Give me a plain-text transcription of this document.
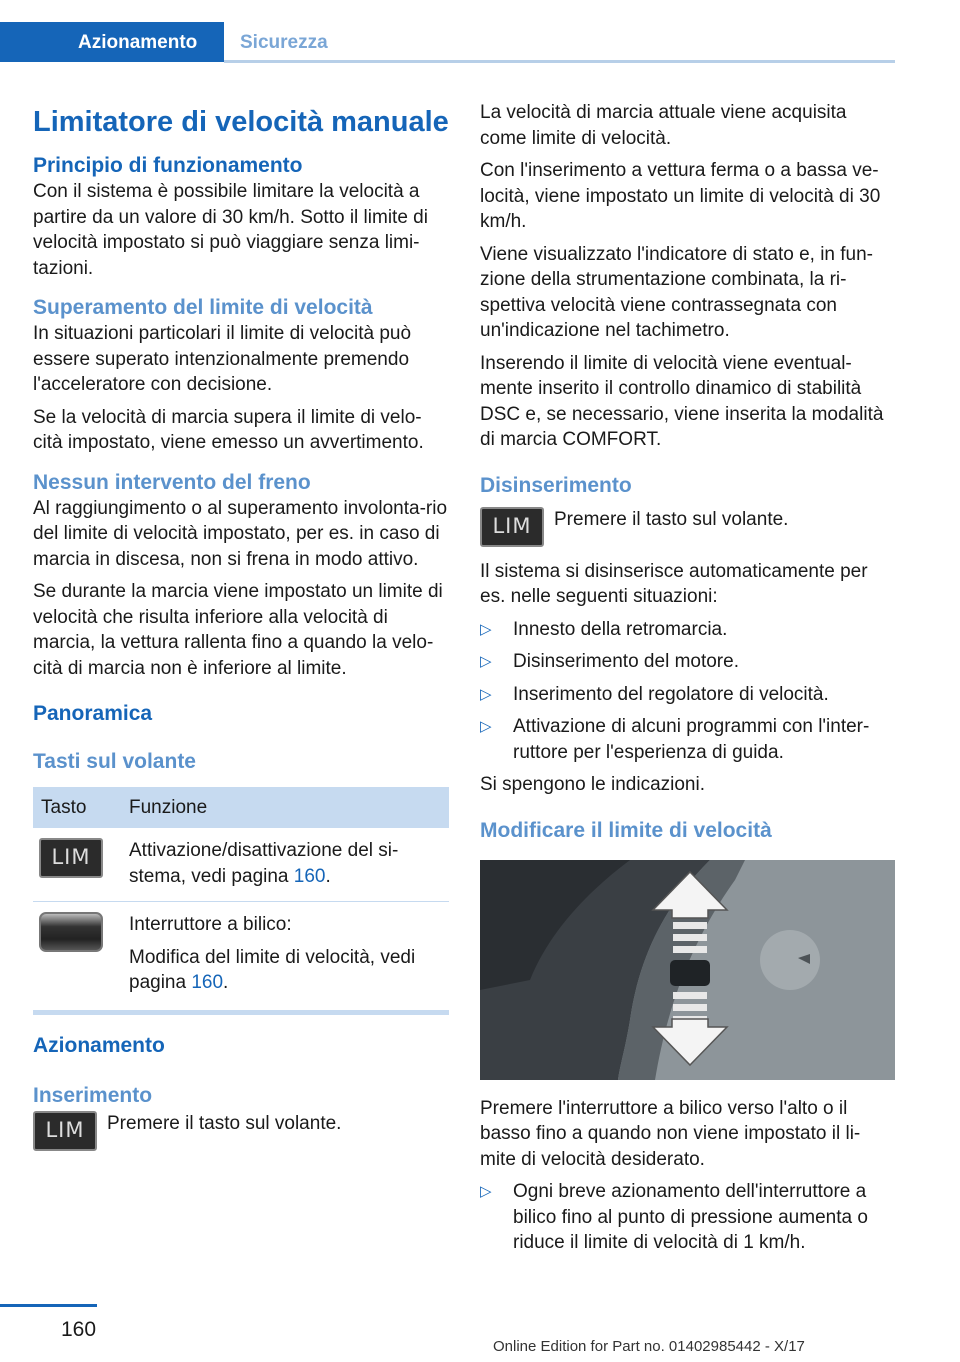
Azionamento	Sicurezza
Limitatore di velocità manuale
Principio di funzionamento

Con il sistema è possibile limitare la velocità a partire da un valore di 30 km/h. Sotto il limite di velocità impostato si può viaggiare senza limi‐tazioni.

Superamento del limite di velocità

In situazioni particolari il limite di velocità può essere superato intenzionalmente premendo l'acceleratore con decisione.

Se la velocità di marcia supera il limite di velo‐cità impostato, viene emesso un avvertimento.

Nessun intervento del freno

Al raggiungimento o al superamento involonta‐rio del limite di velocità impostato, per es. in caso di marcia in discesa, non si frena in modo attivo.

Se durante la marcia viene impostato un limite di velocità che risulta inferiore alla velocità di marcia, la vettura rallenta fino a quando la velo‐cità di marcia non è inferiore al limite.

Panoramica
Tasti sul volante
Tasto	Funzione
LIM	Attivazione/disattivazione del si‐stema, vedi pagina 160.

	Interruttore a bilico:

Modifica del limite di velocità, vedi pagina 160.
Azionamento
Inserimento
LIM	Premere il tasto sul volante.

La velocità di marcia attuale viene acquisita come limite di velocità.

Con l'inserimento a vettura ferma o a bassa ve‐locità, viene impostato un limite di velocità di 30 km/h.

Viene visualizzato l'indicatore di stato e, in fun‐zione della strumentazione combinata, la ri‐spettiva velocità viene contrassegnata con un'indicazione nel tachimetro.

Inserendo il limite di velocità viene eventual‐mente inserito il controllo dinamico di stabilità DSC e, se necessario, viene inserita la modalità di marcia COMFORT.

Disinserimento
LIM	Premere il tasto sul volante.

Il sistema si disinserisce automaticamente per es. nelle seguenti situazioni:

▷ Innesto della retromarcia.
▷ Disinserimento del motore.
▷ Inserimento del regolatore di velocità.
▷ Attivazione di alcuni programmi con l'inter‐ruttore per l'esperienza di guida.

Si spengono le indicazioni.

Modificare il limite di velocità

Premere l'interruttore a bilico verso l'alto o il basso fino a quando non viene impostato il li‐mite di velocità desiderato.

▷ Ogni breve azionamento dell'interruttore a bilico fino al punto di pressione aumenta o riduce il limite di velocità di 1 km/h.
160
Online Edition for Part no. 01402985442 - X/17
